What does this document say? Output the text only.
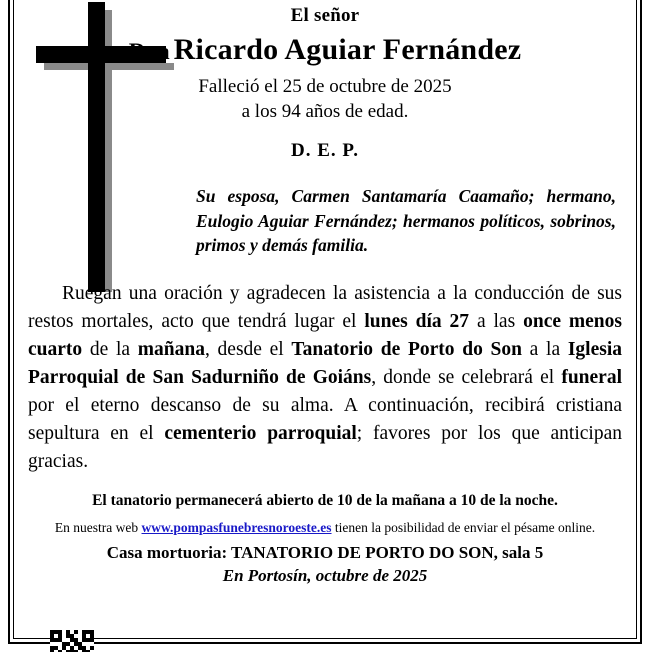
El señor
Don Ricardo Aguiar Fernández
Falleció el 25 de octubre de 2025
a los 94 años de edad.
D. E. P.
Su esposa, Carmen Santamaría Caamaño; hermano, Eulogio Aguiar Fernández; hermanos políticos, sobrinos, primos y demás familia.
Ruegan una oración y agradecen la asistencia a la conducción de sus restos mortales, acto que tendrá lugar el lunes día 27 a las once menos cuarto de la mañana, desde el Tanatorio de Porto do Son a la Iglesia Parroquial de San Sadurniño de Goiáns, donde se celebrará el funeral por el eterno descanso de su alma. A continuación, recibirá cristiana sepultura en el cementerio parroquial; favores por los que anticipan gracias.
El tanatorio permanecerá abierto de 10 de la mañana a 10 de la noche.
En nuestra web www.pompasfunebresnoroeste.es tienen la posibilidad de enviar el pésame online.
Casa mortuoria: TANATORIO DE PORTO DO SON, sala 5
En Portosín, octubre de 2025
